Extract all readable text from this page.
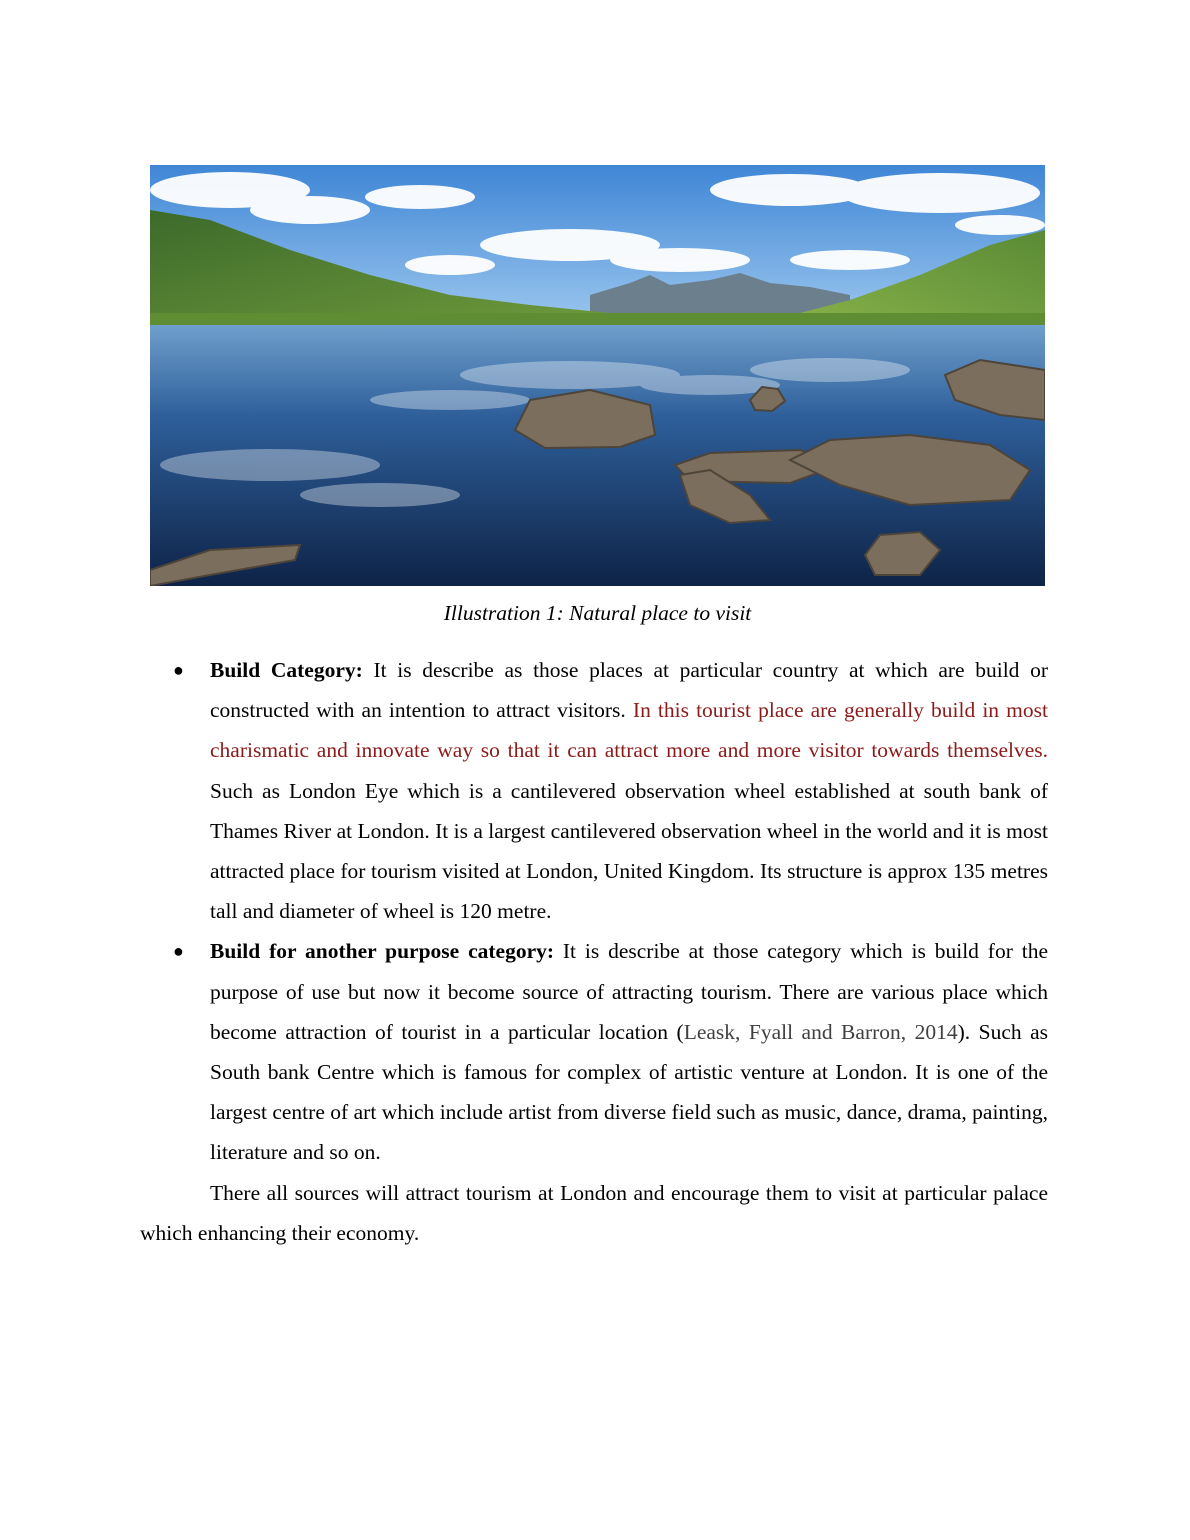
Illustration 1: Natural place to visit
● Build Category: It is describe as those places at particular country at which are build or constructed with an intention to attract visitors. In this tourist place are generally build in most charismatic and innovate way so that it can attract more and more visitor towards themselves. Such as London Eye which is a cantilevered observation wheel established at south bank of Thames River at London. It is a largest cantilevered observation wheel in the world and it is most attracted place for tourism visited at London, United Kingdom. Its structure is approx 135 metres tall and diameter of wheel is 120 metre.
● Build for another purpose category: It is describe at those category which is build for the purpose of use but now it become source of attracting tourism. There are various place which become attraction of tourist in a particular location (Leask, Fyall and Barron, 2014). Such as South bank Centre which is famous for complex of artistic venture at London. It is one of the largest centre of art which include artist from diverse field such as music, dance, drama, painting, literature and so on.

There all sources will attract tourism at London and encourage them to visit at particular palace which enhancing their economy.
